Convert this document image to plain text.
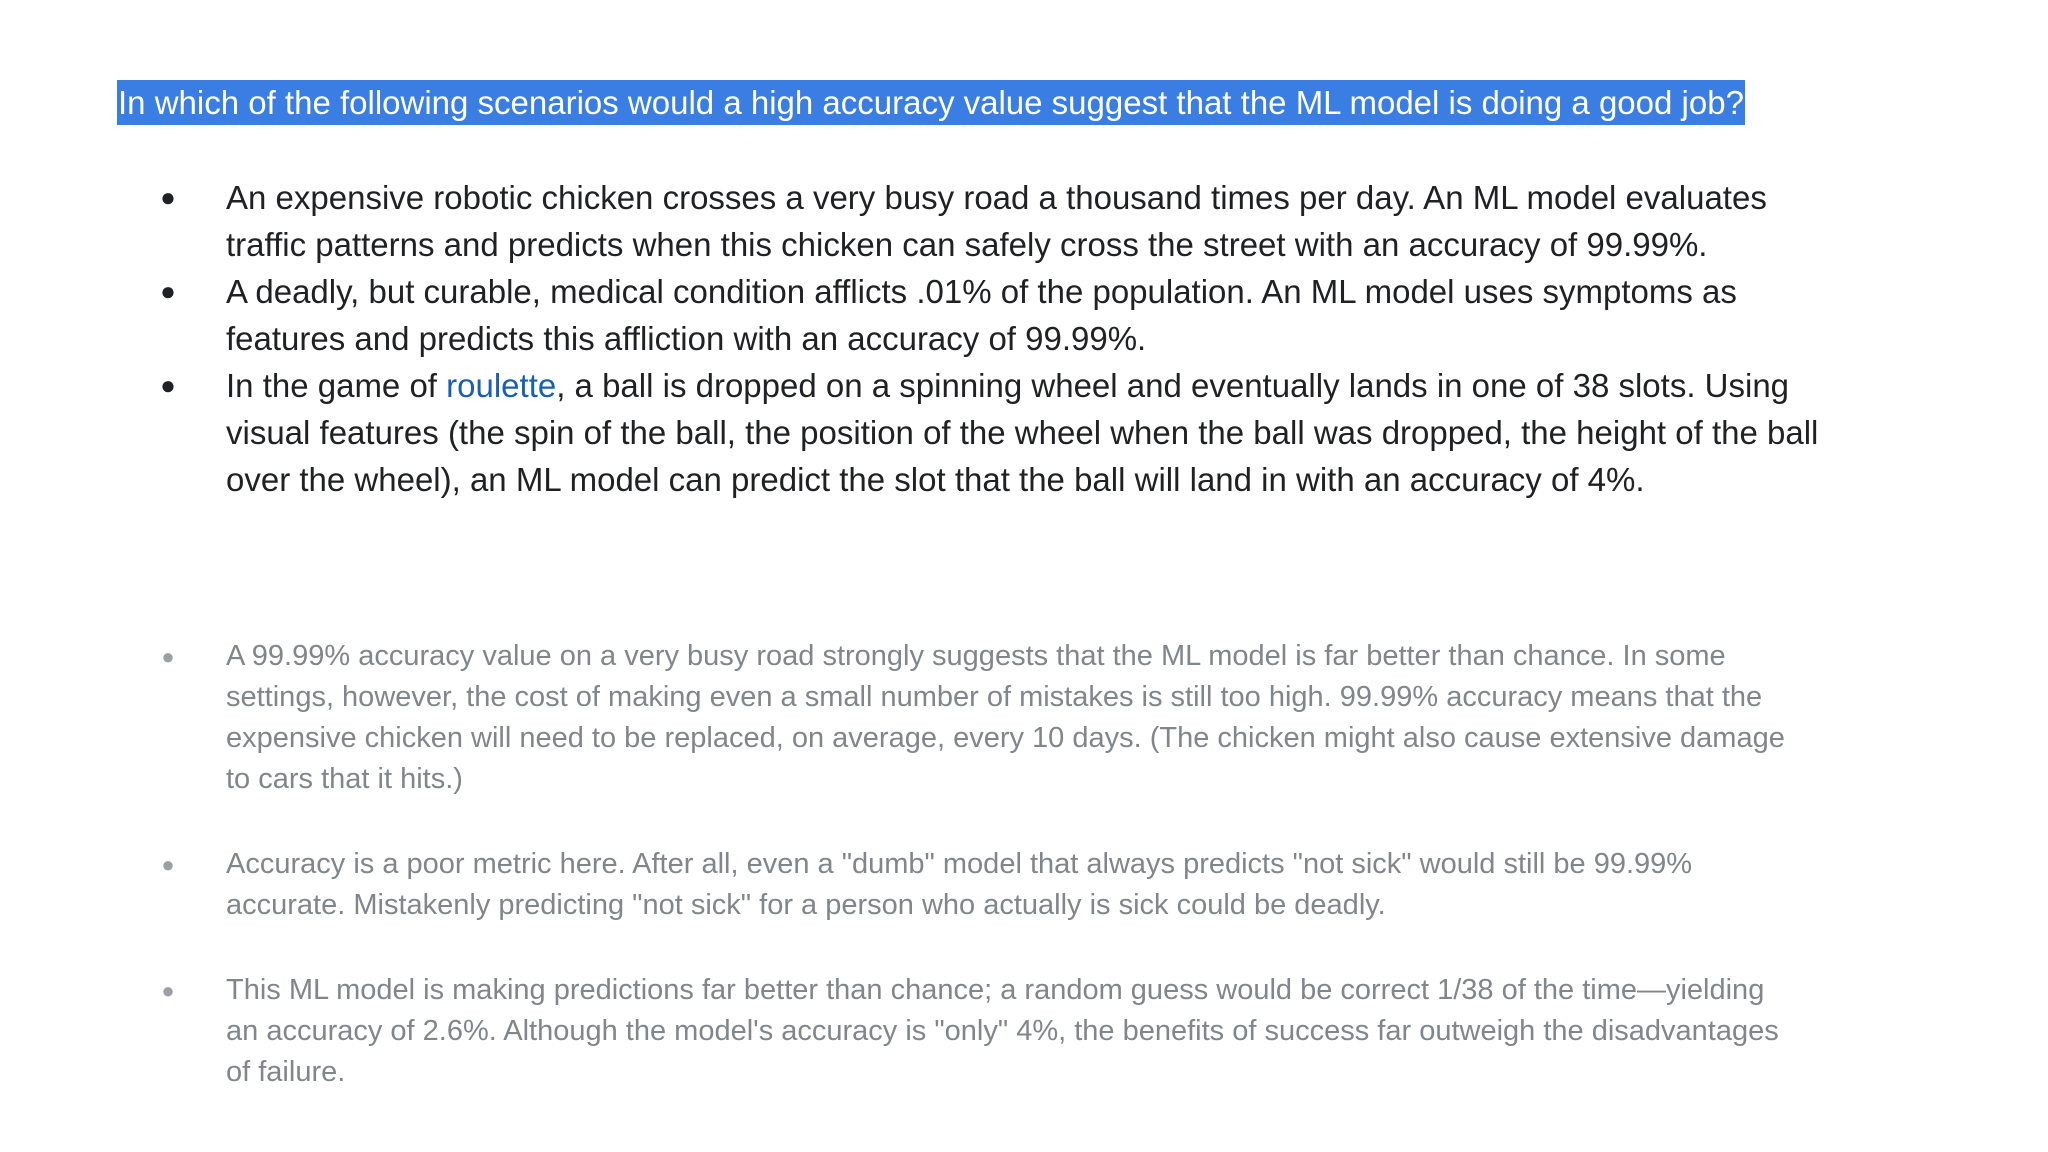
In which of the following scenarios would a high accuracy value suggest that the ML model is doing a good job?
● An expensive robotic chicken crosses a very busy road a thousand times per day. An ML model evaluates traffic patterns and predicts when this chicken can safely cross the street with an accuracy of 99.99%.
● A deadly, but curable, medical condition afflicts .01% of the population. An ML model uses symptoms as features and predicts this affliction with an accuracy of 99.99%.
● In the game of roulette, a ball is dropped on a spinning wheel and eventually lands in one of 38 slots. Using visual features (the spin of the ball, the position of the wheel when the ball was dropped, the height of the ball over the wheel), an ML model can predict the slot that the ball will land in with an accuracy of 4%.
● A 99.99% accuracy value on a very busy road strongly suggests that the ML model is far better than chance. In some settings, however, the cost of making even a small number of mistakes is still too high. 99.99% accuracy means that the expensive chicken will need to be replaced, on average, every 10 days. (The chicken might also cause extensive damage to cars that it hits.)
● Accuracy is a poor metric here. After all, even a "dumb" model that always predicts "not sick" would still be 99.99% accurate. Mistakenly predicting "not sick" for a person who actually is sick could be deadly.
● This ML model is making predictions far better than chance; a random guess would be correct 1/38 of the time—yielding an accuracy of 2.6%. Although the model's accuracy is "only" 4%, the benefits of success far outweigh the disadvantages of failure.
